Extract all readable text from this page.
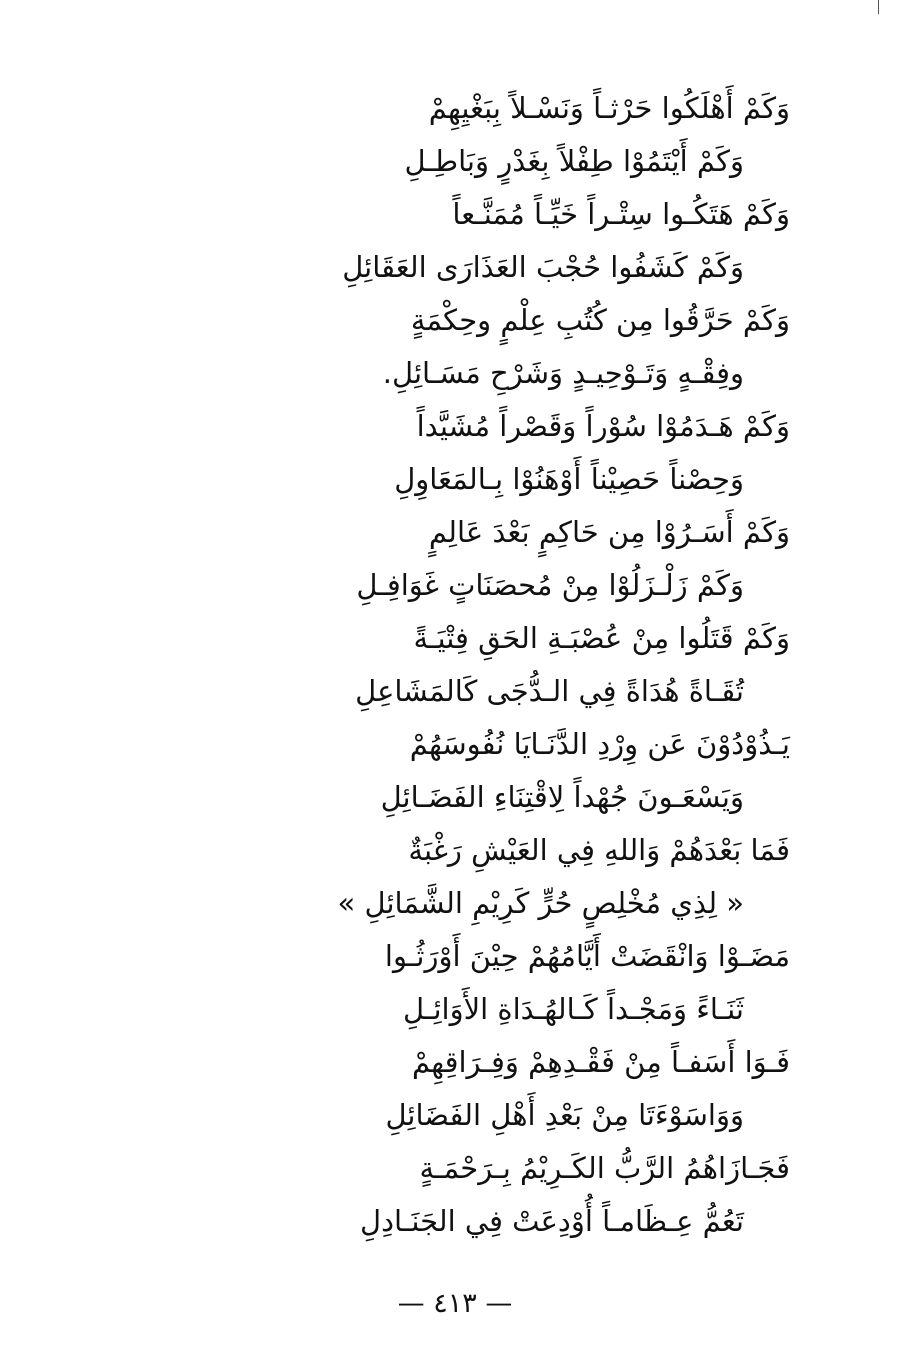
وَكَمْ أَهْلَكُوا حَرْثـاً وَنَسْـلاً بِبَغْيِهِمْ
وَكَمْ أَيْتَمُوْا طِفْلاً بِغَدْرٍ وَبَاطِـلِ
وَكَمْ هَتَكُـوا سِتْـراً خَيِّـاً مُمَنَّـعاً
وَكَمْ كَشَفُوا حُجْبَ العَذَارَى العَقَائِلِ
وَكَمْ حَرَّقُوا مِن كُتُبِ عِلْمٍ وحِكْمَةٍ
وفِقْـهٍ وَتَـوْحِيـدٍ وَشَرْحِ مَسَـائِلِ.
وَكَمْ هَـدَمُوْا سُوْراً وَقَصْراً مُشَيَّداً
وَحِصْناً حَصِيْناً أَوْهَنُوْا بِـالمَعَاوِلِ
وَكَمْ أَسَـرُوْا مِن حَاكِمٍ بَعْدَ عَالِمٍ
وَكَمْ زَلْـزَلُوْا مِنْ مُحصَنَاتٍ غَوَافِـلِ
وَكَمْ قَتَلُوا مِنْ عُصْبَـةِ الحَقِ فِتْيَـةً
تُقَـاةً هُدَاةً فِي الـدُّجَى كَالمَشَاعِلِ
يَـذُوْدُوْنَ عَن وِرْدِ الدَّنَـايَا نُفُوسَهُمْ
وَيَسْعَـونَ جُهْداً لِاقْتِنَاءِ الفَضَـائِلِ
فَمَا بَعْدَهُمْ وَاللهِ فِي العَيْشِ رَغْبَةٌ
« لِذِي مُخْلِصٍ حُرٍّ كَرِيْمِ الشَّمَائِلِ »
مَضَـوْا وَانْقَضَتْ أَيَّامُهُمْ حِيْنَ أَوْرَثُـوا
ثَنَـاءً وَمَجْـداً كَـالهُـدَاةِ الأَوَائِـلِ
فَـوَا أَسَفـاً مِنْ فَقْـدِهِمْ وَفِـرَاقِهِمْ
وَوَاسَوْءَتَا مِنْ بَعْدِ أَهْلِ الفَضَائِلِ
فَجَـازَاهُمُ الرَّبُّ الكَـرِيْمُ بِـرَحْمَـةٍ
تَعُمُّ عِـظَامـاً أُوْدِعَتْ فِي الجَنَـادِلِ
— ٤١٣ —
